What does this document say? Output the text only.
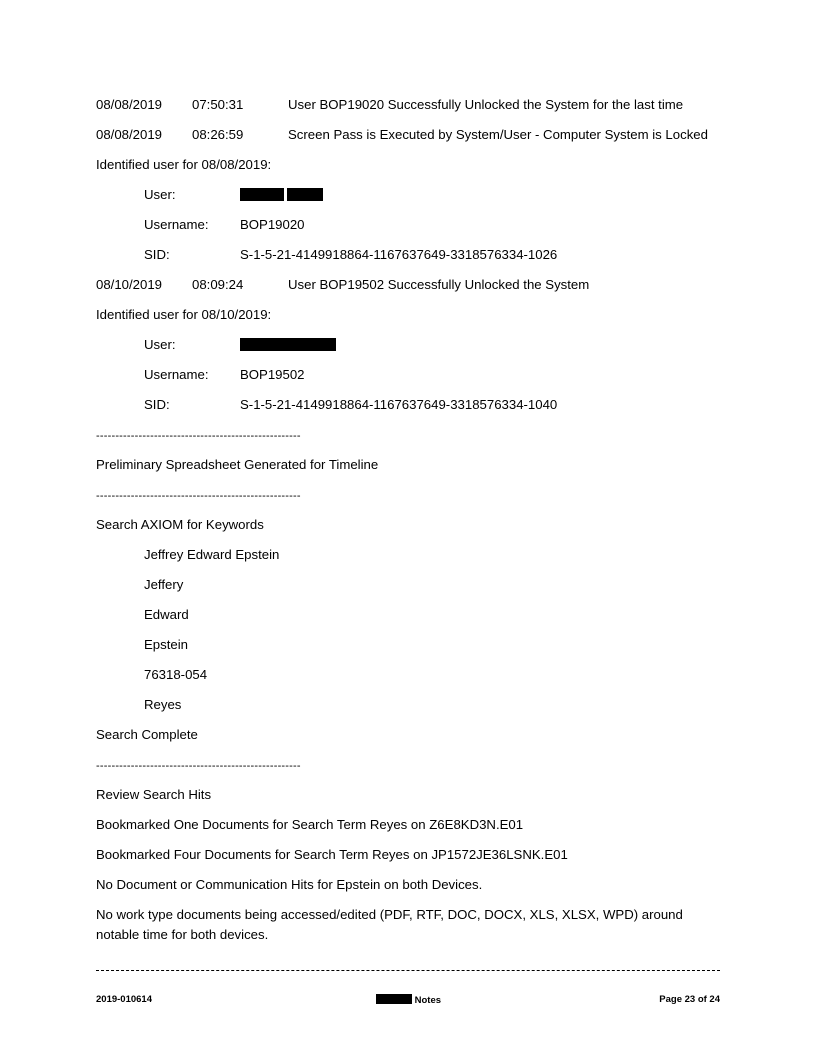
08/08/2019 07:50:31	User BOP19020 Successfully Unlocked the System for the last time
08/08/2019 08:26:59	Screen Pass is Executed by System/User - Computer System is Locked
Identified user for 08/08/2019:
User:
Username: BOP19020
SID:	S-1-5-21-4149918864-1167637649-3318576334-1026
08/10/2019 08:09:24	User BOP19502 Successfully Unlocked the System
Identified user for 08/10/2019:
User:
Username: BOP19502
SID:	S-1-5-21-4149918864-1167637649-3318576334-1040
-----------------------------------------------------
Preliminary Spreadsheet Generated for Timeline
-----------------------------------------------------
Search AXIOM for Keywords
Jeffrey Edward Epstein
Jeffery
Edward
Epstein
76318-054
Reyes
Search Complete
-----------------------------------------------------
Review Search Hits
Bookmarked One Documents for Search Term Reyes on Z6E8KD3N.E01
Bookmarked Four Documents for Search Term Reyes on JP1572JE36LSNK.E01
No Document or Communication Hits for Epstein on both Devices.
No work type documents being accessed/edited (PDF, RTF, DOC, DOCX, XLS, XLSX, WPD) around notable time for both devices.
2019-010614	Notes	Page 23 of 24
